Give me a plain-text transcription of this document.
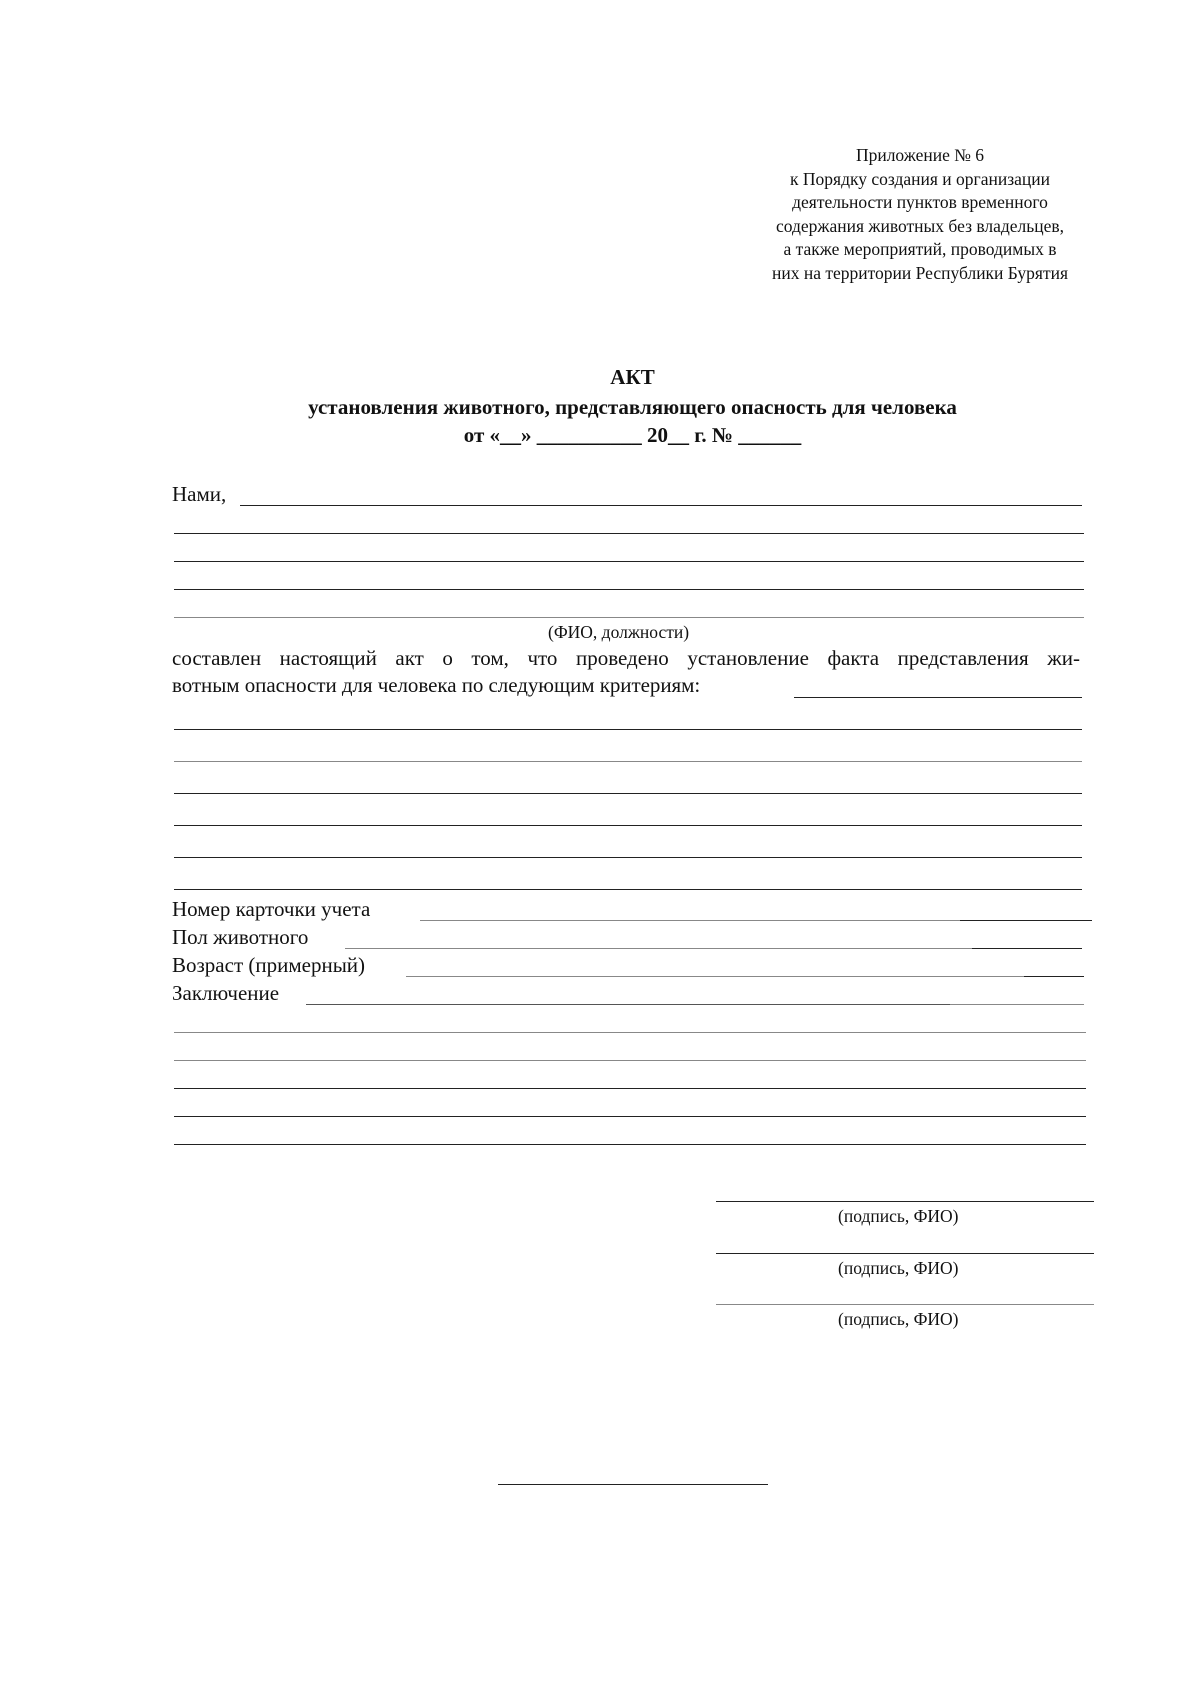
Приложение № 6
к Порядку создания и организации
деятельности пунктов временного
содержания животных без владельцев,
а также мероприятий, проводимых в
них на территории Республики Бурятия
АКТ
установления животного, представляющего опасность для человека
от «__» __________ 20__ г. № ______
Нами,
(ФИО, должности)
составлен настоящий акт о том, что проведено установление факта представления жи-
вотным опасности для человека по следующим критериям:
Номер карточки учета
Пол животного
Возраст (примерный)
Заключение
(подпись, ФИО)
(подпись, ФИО)
(подпись, ФИО)
